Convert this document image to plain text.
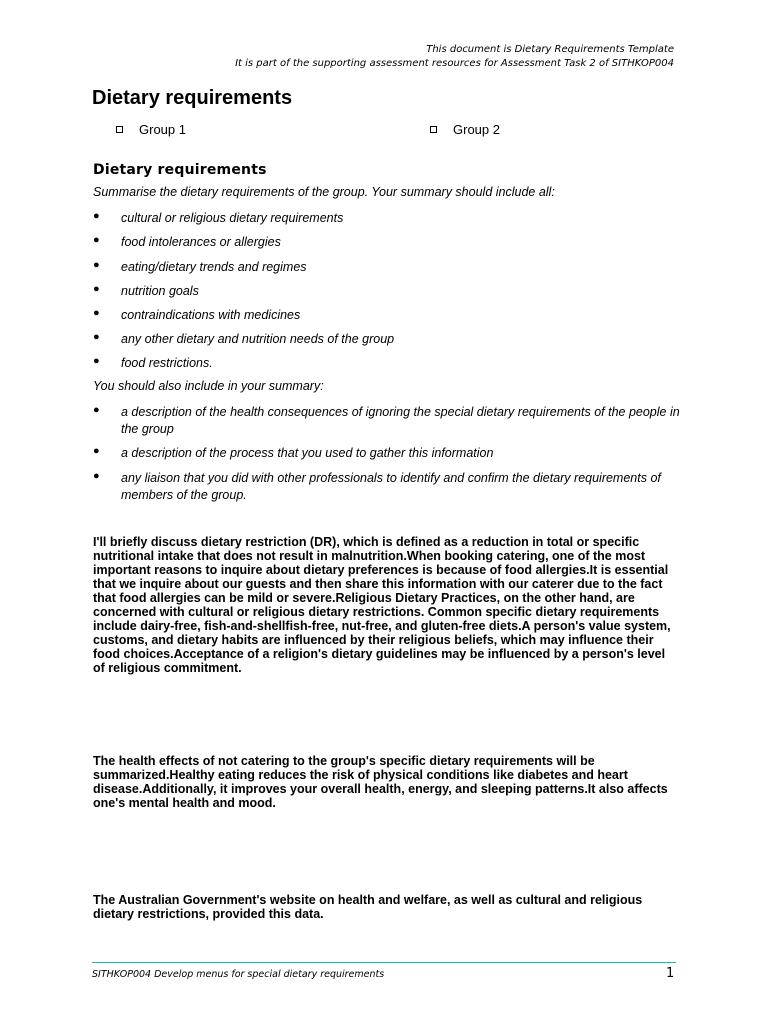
This document is Dietary Requirements Template
It is part of the supporting assessment resources for Assessment Task 2 of SITHKOP004
Dietary requirements
Group 1	Group 2
Dietary requirements
Summarise the dietary requirements of the group. Your summary should include all:
● cultural or religious dietary requirements
● food intolerances or allergies
● eating/dietary trends and regimes
● nutrition goals
● contraindications with medicines
● any other dietary and nutrition needs of the group
● food restrictions.
You should also include in your summary:
● a description of the health consequences of ignoring the special dietary requirements of the people in the group
● a description of the process that you used to gather this information
● any liaison that you did with other professionals to identify and confirm the dietary requirements of members of the group.
I'll briefly discuss dietary restriction (DR), which is defined as a reduction in total or specific nutritional intake that does not result in malnutrition.When booking catering, one of the most important reasons to inquire about dietary preferences is because of food allergies.It is essential that we inquire about our guests and then share this information with our caterer due to the fact that food allergies can be mild or severe.Religious Dietary Practices, on the other hand, are concerned with cultural or religious dietary restrictions. Common specific dietary requirements include dairy-free, fish-and-shellfish-free, nut-free, and gluten-free diets.A person's value system, customs, and dietary habits are influenced by their religious beliefs, which may influence their food choices.Acceptance of a religion's dietary guidelines may be influenced by a person's level of religious commitment.
The health effects of not catering to the group's specific dietary requirements will be summarized.Healthy eating reduces the risk of physical conditions like diabetes and heart disease.Additionally, it improves your overall health, energy, and sleeping patterns.It also affects one's mental health and mood.
The Australian Government's website on health and welfare, as well as cultural and religious dietary restrictions, provided this data.
SITHKOP004 Develop menus for special dietary requirements	1
